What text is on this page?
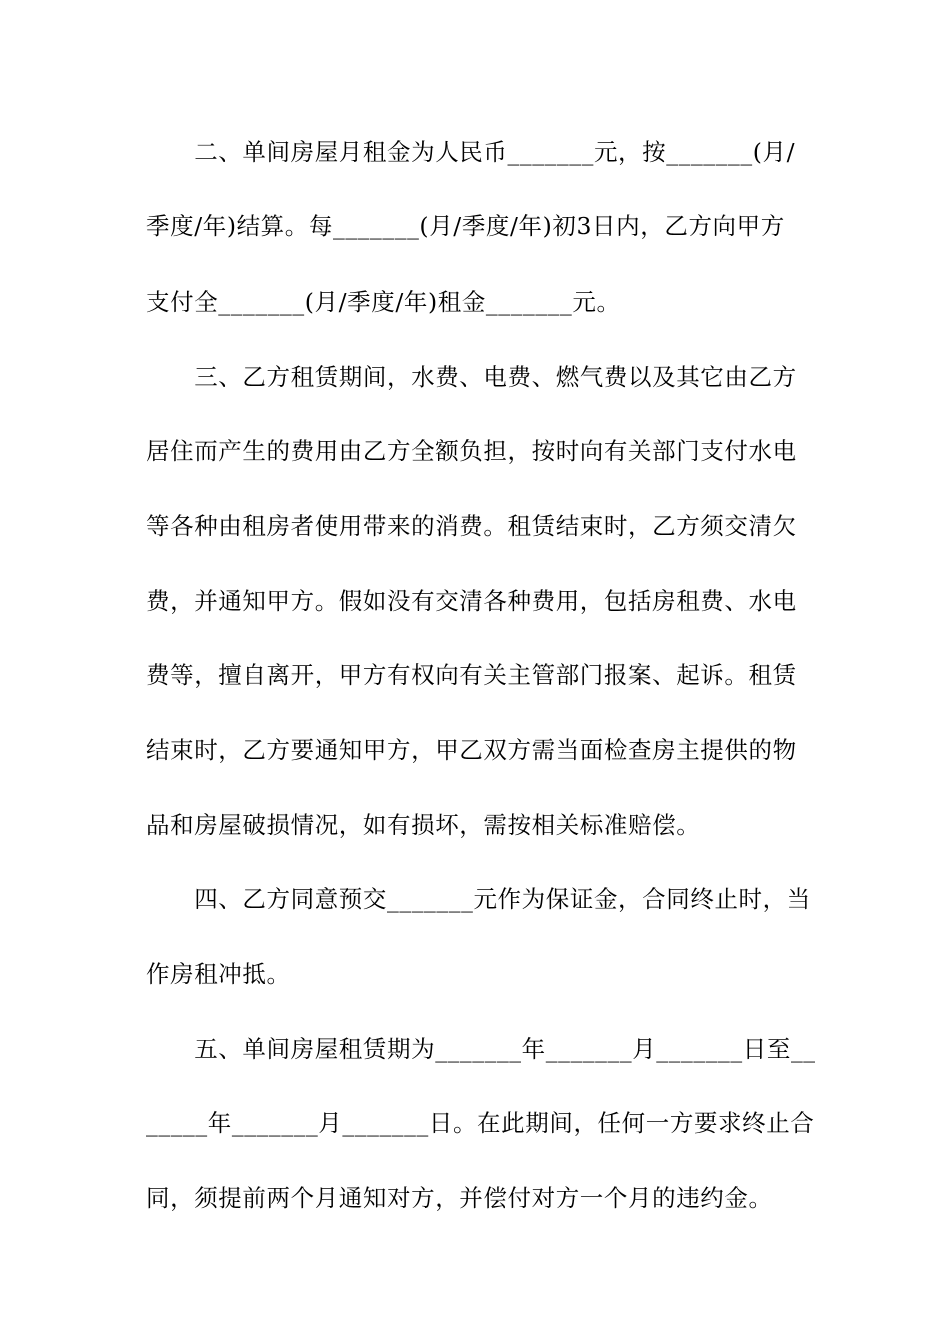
　　二、单间房屋月租金为人民币_______元，按_______(月/
季度/年)结算。每_______(月/季度/年)初3日内，乙方向甲方
支付全_______(月/季度/年)租金_______元。
　　三、乙方租赁期间，水费、电费、燃气费以及其它由乙方
居住而产生的费用由乙方全额负担，按时向有关部门支付水电
等各种由租房者使用带来的消费。租赁结束时，乙方须交清欠
费，并通知甲方。假如没有交清各种费用，包括房租费、水电
费等，擅自离开，甲方有权向有关主管部门报案、起诉。租赁
结束时，乙方要通知甲方，甲乙双方需当面检查房主提供的物
品和房屋破损情况，如有损坏，需按相关标准赔偿。
　　四、乙方同意预交_______元作为保证金，合同终止时，当
作房租冲抵。
　　五、单间房屋租赁期为_______年_______月_______日至__
_____年_______月_______日。在此期间，任何一方要求终止合
同，须提前两个月通知对方，并偿付对方一个月的违约金。
